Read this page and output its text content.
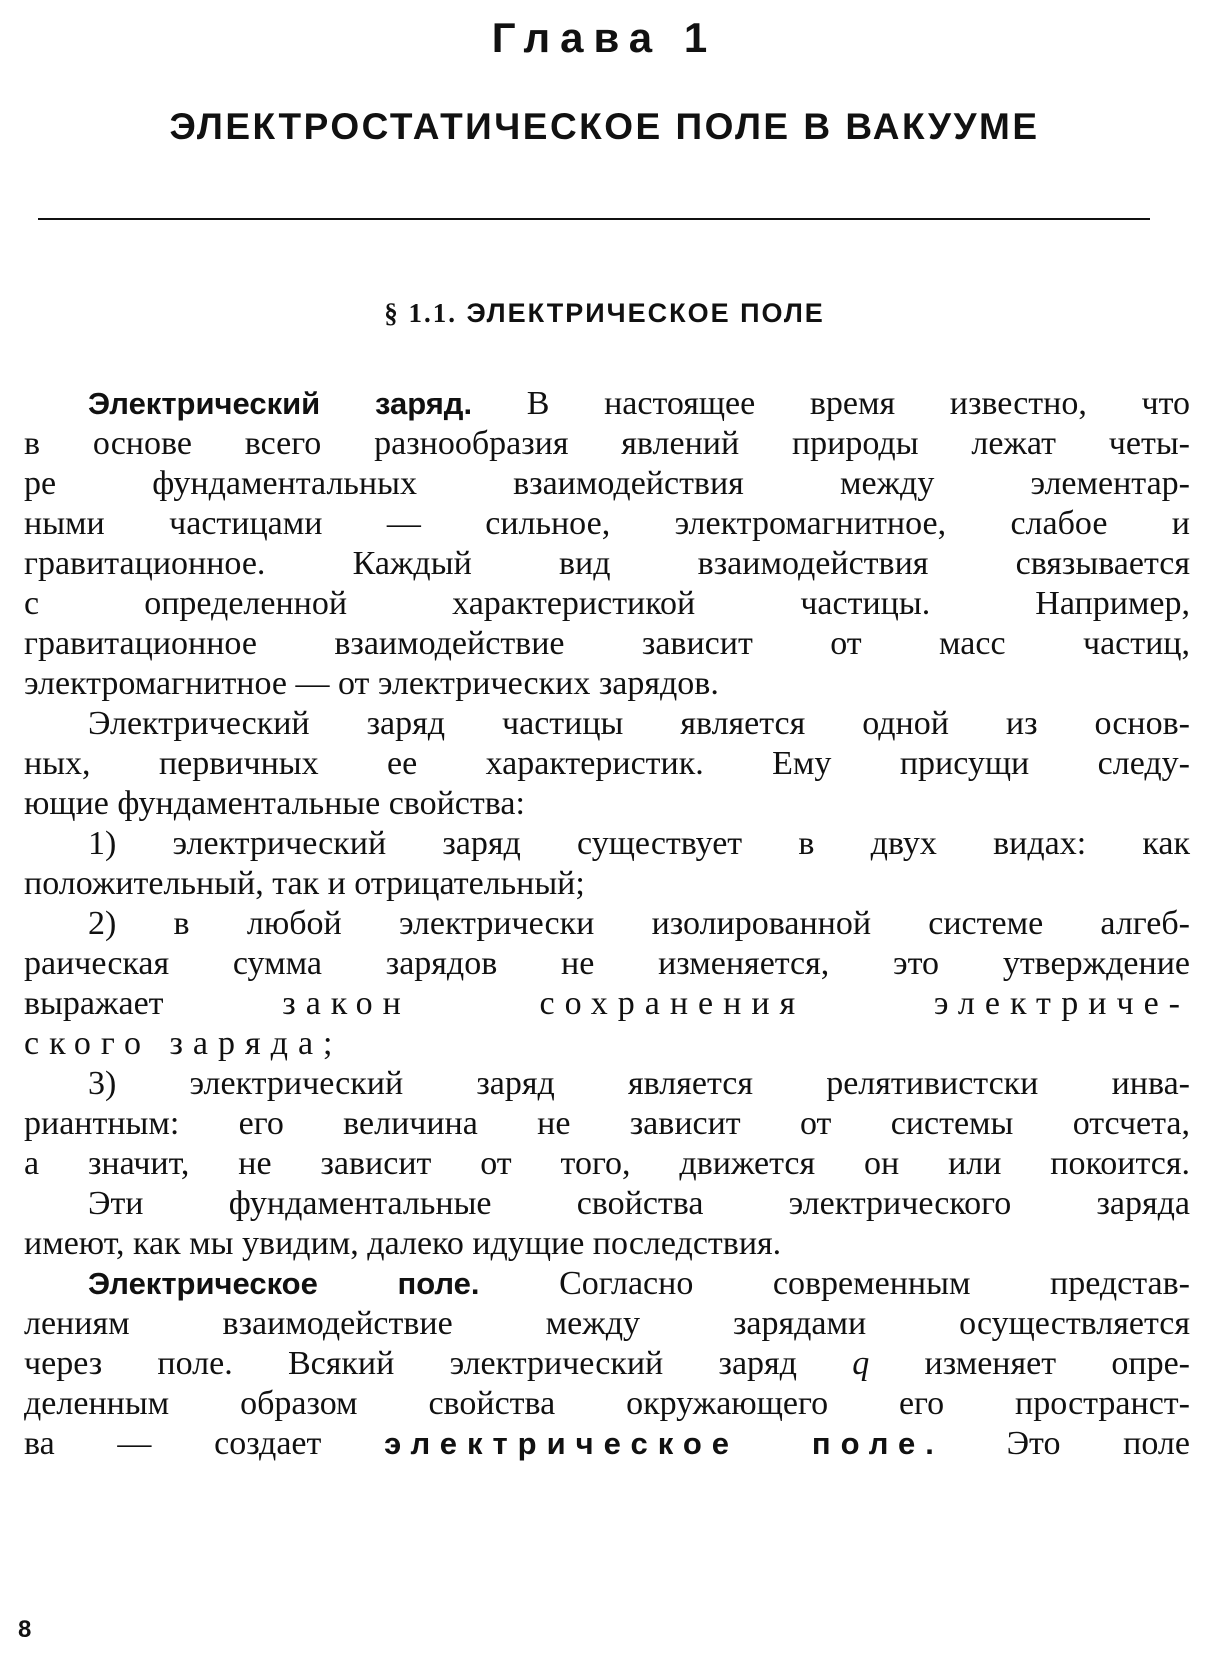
Глава 1
ЭЛЕКТРОСТАТИЧЕСКОЕ ПОЛЕ В ВАКУУМЕ
§ 1.1. ЭЛЕКТРИЧЕСКОЕ ПОЛЕ
Электрический заряд. В настоящее время известно, что
в основе всего разнообразия явлений природы лежат четы-
ре фундаментальных взаимодействия между элементар-
ными частицами — сильное, электромагнитное, слабое и
гравитационное. Каждый вид взаимодействия связывается
с определенной характеристикой частицы. Например,
гравитационное взаимодействие зависит от масс частиц,
электромагнитное — от электрических зарядов.
Электрический заряд частицы является одной из основ-
ных, первичных ее характеристик. Ему присущи следу-
ющие фундаментальные свойства:
1) электрический заряд существует в двух видах: как
положительный, так и отрицательный;
2) в любой электрически изолированной системе алгеб-
раическая сумма зарядов не изменяется, это утверждение
выражает закон сохранения электриче-
ского заряда;
3) электрический заряд является релятивистски инва-
риантным: его величина не зависит от системы отсчета,
а значит, не зависит от того, движется он или покоится.
Эти фундаментальные свойства электрического заряда
имеют, как мы увидим, далеко идущие последствия.
Электрическое поле. Согласно современным представ-
лениям взаимодействие между зарядами осуществляется
через поле. Всякий электрический заряд q изменяет опре-
деленным образом свойства окружающего его пространст-
ва — создает электрическое поле. Это поле
8
